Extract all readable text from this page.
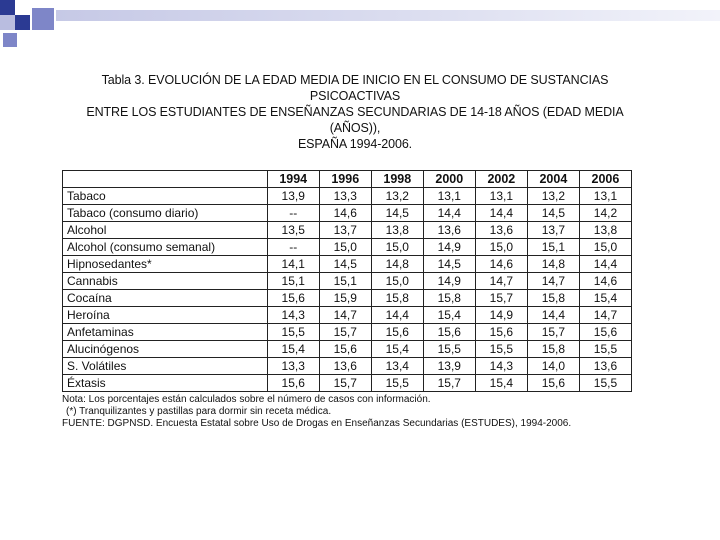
Tabla 3. EVOLUCIÓN DE LA EDAD MEDIA DE INICIO EN EL CONSUMO DE SUSTANCIAS PSICOACTIVAS
ENTRE LOS ESTUDIANTES DE ENSEÑANZAS SECUNDARIAS DE 14-18 AÑOS (EDAD MEDIA (AÑOS)),
ESPAÑA 1994-2006.
	1994	1996	1998	2000	2002	2004	2006
Tabaco	13,9	13,3	13,2	13,1	13,1	13,2	13,1
Tabaco (consumo diario)	--	14,6	14,5	14,4	14,4	14,5	14,2
Alcohol	13,5	13,7	13,8	13,6	13,6	13,7	13,8
Alcohol (consumo semanal)	--	15,0	15,0	14,9	15,0	15,1	15,0
Hipnosedantes*	14,1	14,5	14,8	14,5	14,6	14,8	14,4
Cannabis	15,1	15,1	15,0	14,9	14,7	14,7	14,6
Cocaína	15,6	15,9	15,8	15,8	15,7	15,8	15,4
Heroína	14,3	14,7	14,4	15,4	14,9	14,4	14,7
Anfetaminas	15,5	15,7	15,6	15,6	15,6	15,7	15,6
Alucinógenos	15,4	15,6	15,4	15,5	15,5	15,8	15,5
S. Volátiles	13,3	13,6	13,4	13,9	14,3	14,0	13,6
Éxtasis	15,6	15,7	15,5	15,7	15,4	15,6	15,5
Nota: Los porcentajes están calculados sobre el número de casos con información.
(*) Tranquilizantes y pastillas para dormir sin receta médica.
FUENTE: DGPNSD. Encuesta Estatal sobre Uso de Drogas en Enseñanzas Secundarias (ESTUDES), 1994-2006.
